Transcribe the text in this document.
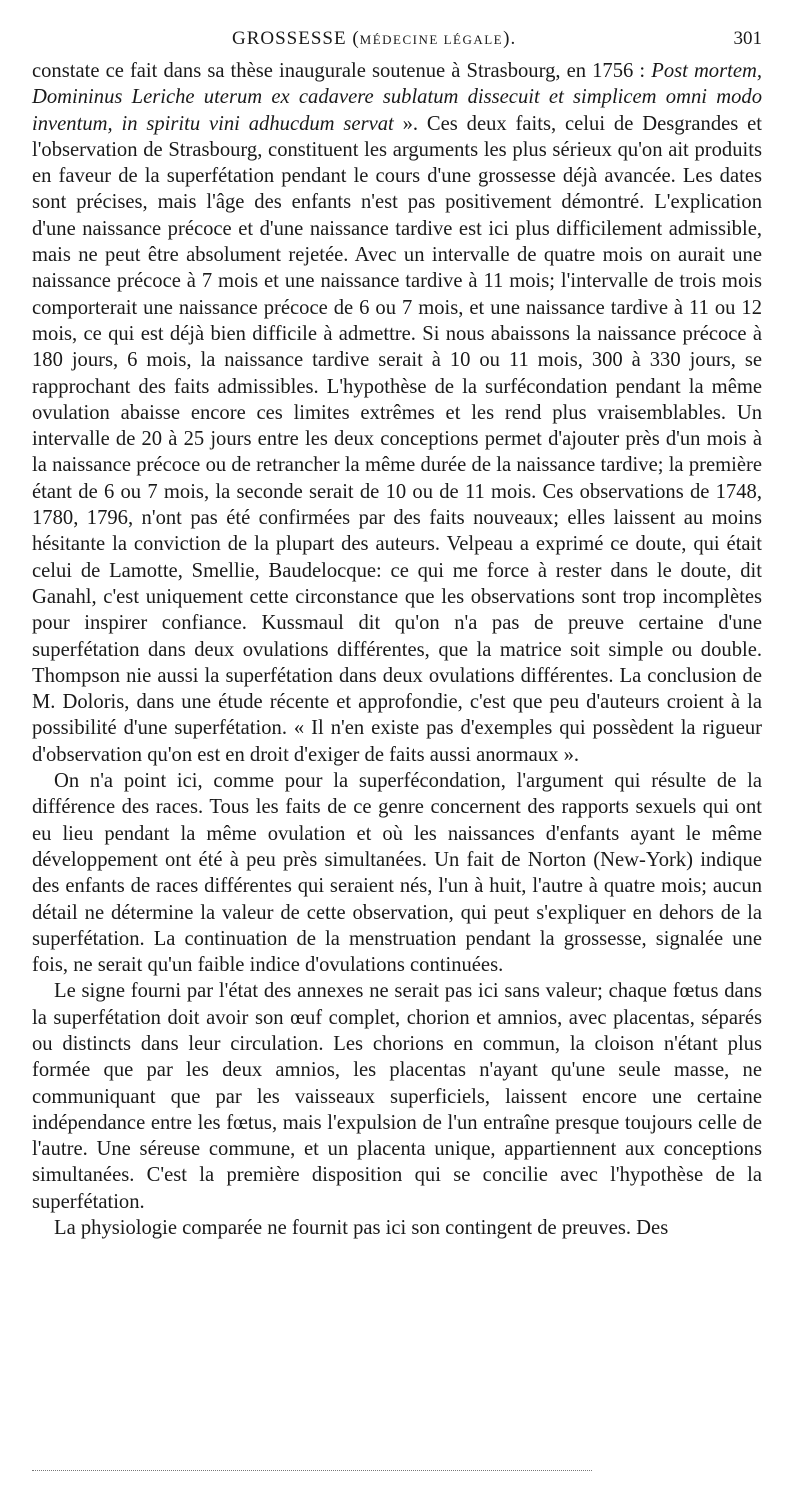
GROSSESSE (MÉDECINE LÉGALE).	301

constate ce fait dans sa thèse inaugurale soutenue à Strasbourg, en 1756 : Post mortem, Domininus Leriche uterum ex cadavere sublatum dissecuit et simplicem omni modo inventum, in spiritu vini adhucdum servat ». Ces deux faits, celui de Desgrandes et l'observation de Strasbourg, constituent les arguments les plus sérieux qu'on ait produits en faveur de la superfétation pendant le cours d'une grossesse déjà avancée. Les dates sont précises, mais l'âge des enfants n'est pas positivement démontré. L'explication d'une naissance précoce et d'une naissance tardive est ici plus difficilement admissible, mais ne peut être absolument rejetée. Avec un intervalle de quatre mois on aurait une naissance précoce à 7 mois et une naissance tardive à 11 mois; l'intervalle de trois mois comporterait une naissance précoce de 6 ou 7 mois, et une naissance tardive à 11 ou 12 mois, ce qui est déjà bien difficile à admettre. Si nous abaissons la naissance précoce à 180 jours, 6 mois, la naissance tardive serait à 10 ou 11 mois, 300 à 330 jours, se rapprochant des faits admissibles. L'hypothèse de la surfécondation pendant la même ovulation abaisse encore ces limites extrêmes et les rend plus vraisemblables. Un intervalle de 20 à 25 jours entre les deux conceptions permet d'ajouter près d'un mois à la naissance précoce ou de retrancher la même durée de la naissance tardive; la première étant de 6 ou 7 mois, la seconde serait de 10 ou de 11 mois. Ces observations de 1748, 1780, 1796, n'ont pas été confirmées par des faits nouveaux; elles laissent au moins hésitante la conviction de la plupart des auteurs. Velpeau a exprimé ce doute, qui était celui de Lamotte, Smellie, Baudelocque: ce qui me force à rester dans le doute, dit Ganahl, c'est uniquement cette circonstance que les observations sont trop incomplètes pour inspirer confiance. Kussmaul dit qu'on n'a pas de preuve certaine d'une superfétation dans deux ovulations différentes, que la matrice soit simple ou double. Thompson nie aussi la superfétation dans deux ovulations différentes. La conclusion de M. Doloris, dans une étude récente et approfondie, c'est que peu d'auteurs croient à la possibilité d'une superfétation. « Il n'en existe pas d'exemples qui possèdent la rigueur d'observation qu'on est en droit d'exiger de faits aussi anormaux ».

On n'a point ici, comme pour la superfécondation, l'argument qui résulte de la différence des races. Tous les faits de ce genre concernent des rapports sexuels qui ont eu lieu pendant la même ovulation et où les naissances d'enfants ayant le même développement ont été à peu près simultanées. Un fait de Norton (New-York) indique des enfants de races différentes qui seraient nés, l'un à huit, l'autre à quatre mois; aucun détail ne détermine la valeur de cette observation, qui peut s'expliquer en dehors de la superfétation. La continuation de la menstruation pendant la grossesse, signalée une fois, ne serait qu'un faible indice d'ovulations continuées.

Le signe fourni par l'état des annexes ne serait pas ici sans valeur; chaque fœtus dans la superfétation doit avoir son œuf complet, chorion et amnios, avec placentas, séparés ou distincts dans leur circulation. Les chorions en commun, la cloison n'étant plus formée que par les deux amnios, les placentas n'ayant qu'une seule masse, ne communiquant que par les vaisseaux superficiels, laissent encore une certaine indépendance entre les fœtus, mais l'expulsion de l'un entraîne presque toujours celle de l'autre. Une séreuse commune, et un placenta unique, appartiennent aux conceptions simultanées. C'est la première disposition qui se concilie avec l'hypothèse de la superfétation.

La physiologie comparée ne fournit pas ici son contingent de preuves. Des
